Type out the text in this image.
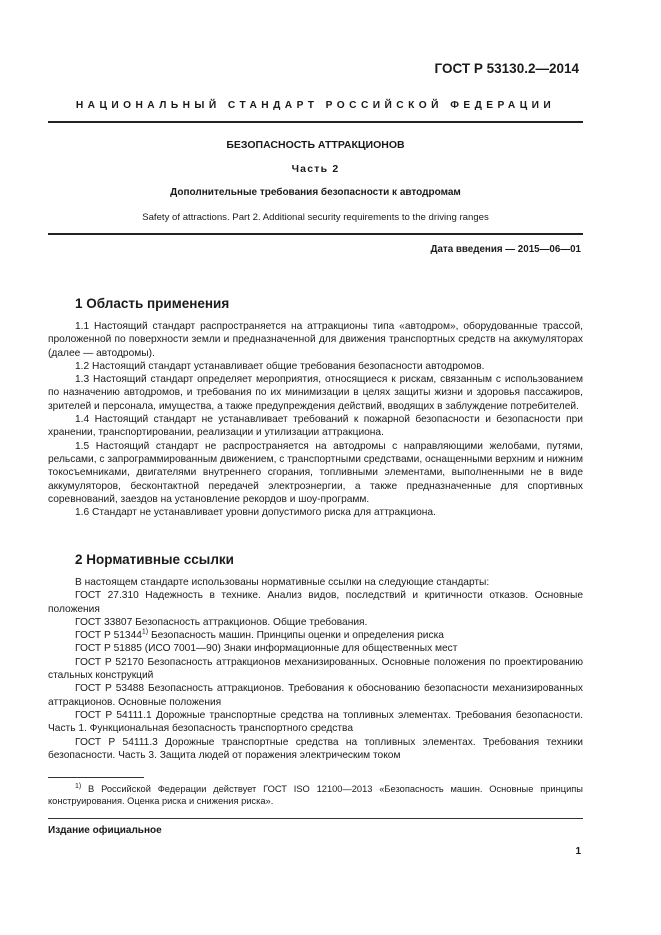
ГОСТ Р 53130.2—2014
НАЦИОНАЛЬНЫЙ СТАНДАРТ РОССИЙСКОЙ ФЕДЕРАЦИИ
БЕЗОПАСНОСТЬ АТТРАКЦИОНОВ
Часть 2
Дополнительные требования безопасности к автодромам
Safety of attractions. Part 2. Additional security requirements to the driving ranges
Дата введения — 2015—06—01
1 Область применения

1.1 Настоящий стандарт распространяется на аттракционы типа «автодром», оборудованные трассой, проложенной по поверхности земли и предназначенной для движения транспортных средств на аккумуляторах (далее — автодромы).

1.2 Настоящий стандарт устанавливает общие требования безопасности автодромов.

1.3 Настоящий стандарт определяет мероприятия, относящиеся к рискам, связанным с использованием по назначению автодромов, и требования по их минимизации в целях защиты жизни и здоровья пассажиров, зрителей и персонала, имущества, а также предупреждения действий, вводящих в заблуждение потребителей.

1.4 Настоящий стандарт не устанавливает требований к пожарной безопасности и безопасности при хранении, транспортировании, реализации и утилизации аттракциона.

1.5 Настоящий стандарт не распространяется на автодромы с направляющими желобами, путями, рельсами, с запрограммированным движением, с транспортными средствами, оснащенными верхним и нижним токосъемниками, двигателями внутреннего сгорания, топливными элементами, выполненными не в виде аккумуляторов, бесконтактной передачей электроэнергии, а также предназначенные для спортивных соревнований, заездов на установление рекордов и шоу-программ.

1.6 Стандарт не устанавливает уровни допустимого риска для аттракциона.

2 Нормативные ссылки

В настоящем стандарте использованы нормативные ссылки на следующие стандарты:

ГОСТ 27.310 Надежность в технике. Анализ видов, последствий и критичности отказов. Основные положения

ГОСТ 33807 Безопасность аттракционов. Общие требования.

ГОСТ Р 51344$^{1)}$ Безопасность машин. Принципы оценки и определения риска

ГОСТ Р 51885 (ИСО 7001—90) Знаки информационные для общественных мест

ГОСТ Р 52170 Безопасность аттракционов механизированных. Основные положения по проектированию стальных конструкций

ГОСТ Р 53488 Безопасность аттракционов. Требования к обоснованию безопасности механизированных аттракционов. Основные положения

ГОСТ Р 54111.1 Дорожные транспортные средства на топливных элементах. Требования безопасности. Часть 1. Функциональная безопасность транспортного средства

ГОСТ Р 54111.3 Дорожные транспортные средства на топливных элементах. Требования техники безопасности. Часть 3. Защита людей от поражения электрическим током

$^{1)}$ В Российской Федерации действует ГОСТ ISO 12100—2013 «Безопасность машин. Основные принципы конструирования. Оценка риска и снижения риска».
Издание официальное
1
